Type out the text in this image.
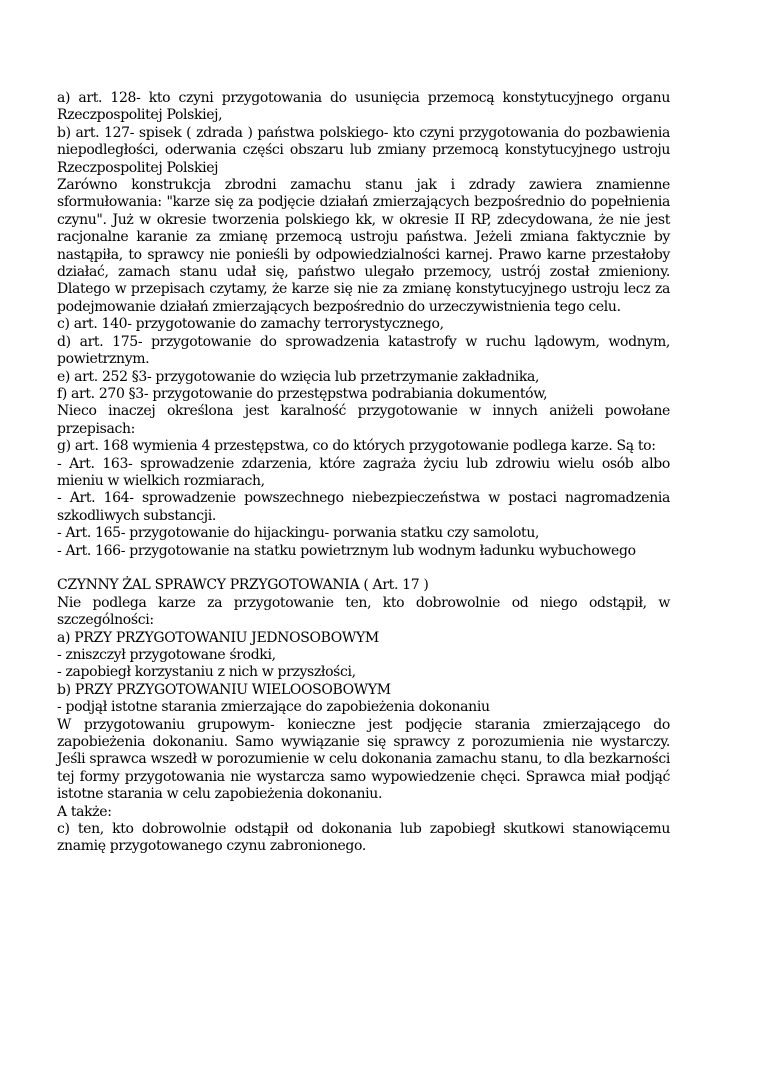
a) art. 128- kto czyni przygotowania do usunięcia przemocą konstytucyjnego organu Rzeczpospolitej Polskiej,

b) art. 127- spisek ( zdrada ) państwa polskiego- kto czyni przygotowania do pozbawienia niepodległości, oderwania części obszaru lub zmiany przemocą konstytucyjnego ustroju Rzeczpospolitej Polskiej

Zarówno konstrukcja zbrodni zamachu stanu jak i zdrady zawiera znamienne sformułowania: "karze się za podjęcie działań zmierzających bezpośrednio do popełnienia czynu". Już w okresie tworzenia polskiego kk, w okresie II RP, zdecydowana, że nie jest racjonalne karanie za zmianę przemocą ustroju państwa. Jeżeli zmiana faktycznie by nastąpiła, to sprawcy nie ponieśli by odpowiedzialności karnej. Prawo karne przestałoby działać, zamach stanu udał się, państwo ulegało przemocy, ustrój został zmieniony. Dlatego w przepisach czytamy, że karze się nie za zmianę konstytucyjnego ustroju lecz za podejmowanie działań zmierzających bezpośrednio do urzeczywistnienia tego celu.

c) art. 140- przygotowanie do zamachy terrorystycznego,

d) art. 175- przygotowanie do sprowadzenia katastrofy w ruchu lądowym, wodnym, powietrznym.

e) art. 252 §3- przygotowanie do wzięcia lub przetrzymanie zakładnika,

f) art. 270 §3- przygotowanie do przestępstwa podrabiania dokumentów,

Nieco inaczej określona jest karalność przygotowanie w innych aniżeli powołane przepisach:

g) art. 168 wymienia 4 przestępstwa, co do których przygotowanie podlega karze. Są to:

- Art. 163- sprowadzenie zdarzenia, które zagraża życiu lub zdrowiu wielu osób albo mieniu w wielkich rozmiarach,

- Art. 164- sprowadzenie powszechnego niebezpieczeństwa w postaci nagromadzenia szkodliwych substancji.

- Art. 165- przygotowanie do hijackingu- porwania statku czy samolotu,

- Art. 166- przygotowanie na statku powietrznym lub wodnym ładunku wybuchowego

CZYNNY ŻAL SPRAWCY PRZYGOTOWANIA ( Art. 17 )

Nie podlega karze za przygotowanie ten, kto dobrowolnie od niego odstąpił, w szczególności:

a) PRZY PRZYGOTOWANIU JEDNOSOBOWYM

- zniszczył przygotowane środki,

- zapobiegł korzystaniu z nich w przyszłości,

b) PRZY PRZYGOTOWANIU WIELOOSOBOWYM

- podjął istotne starania zmierzające do zapobieżenia dokonaniu

W przygotowaniu grupowym- konieczne jest podjęcie starania zmierzającego do zapobieżenia dokonaniu. Samo wywiązanie się sprawcy z porozumienia nie wystarczy. Jeśli sprawca wszedł w porozumienie w celu dokonania zamachu stanu, to dla bezkarności tej formy przygotowania nie wystarcza samo wypowiedzenie chęci. Sprawca miał podjąć istotne starania w celu zapobieżenia dokonaniu.

A także:

c) ten, kto dobrowolnie odstąpił od dokonania lub zapobiegł skutkowi stanowiącemu znamię przygotowanego czynu zabronionego.
